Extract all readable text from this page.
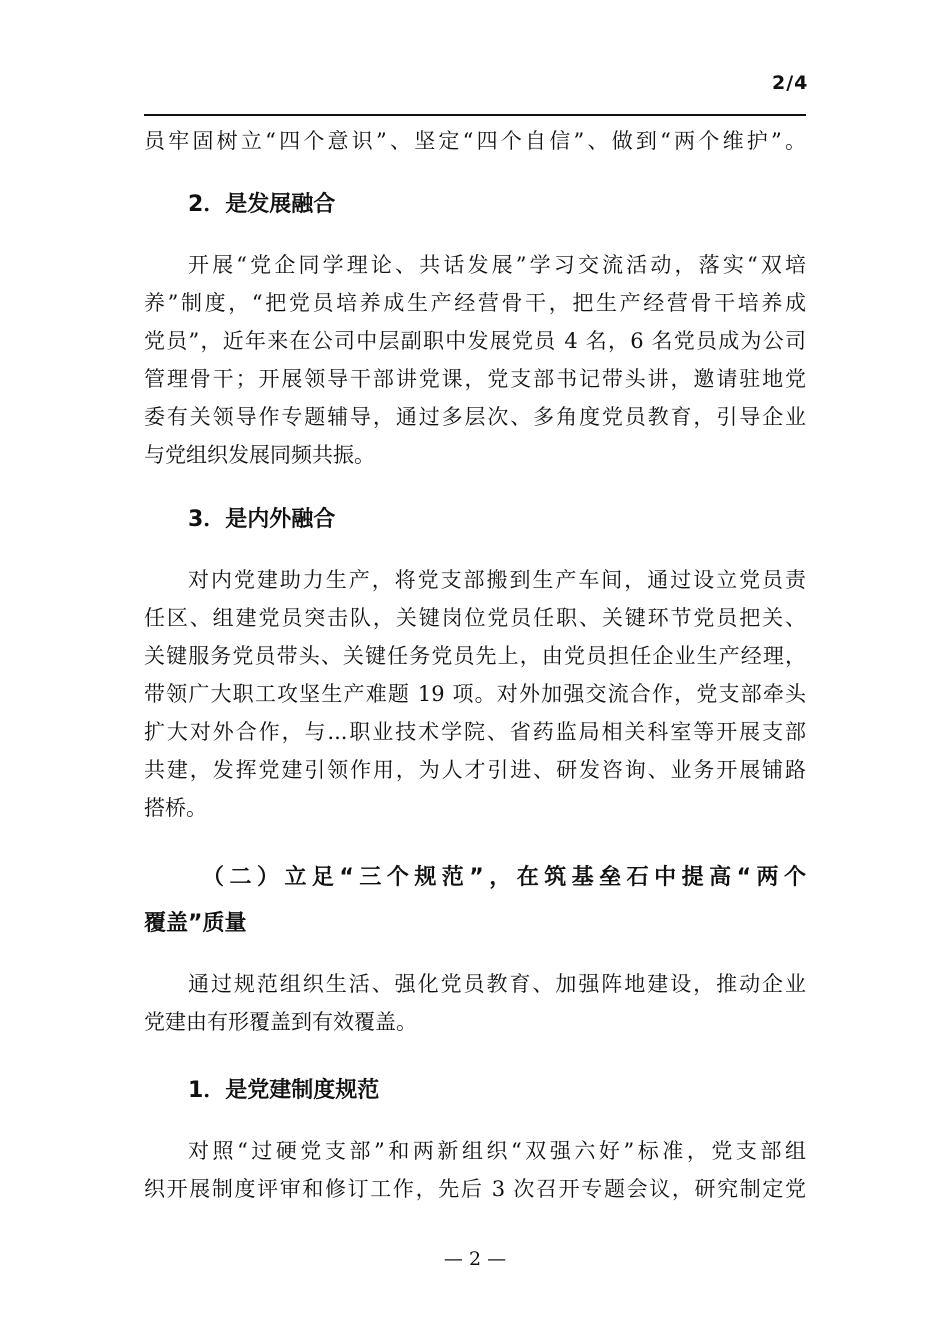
2/4
员牢固树立“四个意识”、坚定“四个自信”、做到“两个维护”。
2．是发展融合
开展“党企同学理论、共话发展”学习交流活动，落实“双培
养”制度，“把党员培养成生产经营骨干，把生产经营骨干培养成
党员”，近年来在公司中层副职中发展党员 4 名，6 名党员成为公司
管理骨干；开展领导干部讲党课，党支部书记带头讲，邀请驻地党
委有关领导作专题辅导，通过多层次、多角度党员教育，引导企业
与党组织发展同频共振。
3．是内外融合
对内党建助力生产，将党支部搬到生产车间，通过设立党员责
任区、组建党员突击队，关键岗位党员任职、关键环节党员把关、
关键服务党员带头、关键任务党员先上，由党员担任企业生产经理，
带领广大职工攻坚生产难题 19 项。对外加强交流合作，党支部牵头
扩大对外合作，与...职业技术学院、省药监局相关科室等开展支部
共建，发挥党建引领作用，为人才引进、研发咨询、业务开展铺路
搭桥。
（二）立足“三个规范”，在筑基垒石中提高“两个
覆盖”质量
通过规范组织生活、强化党员教育、加强阵地建设，推动企业
党建由有形覆盖到有效覆盖。
1．是党建制度规范
对照“过硬党支部”和两新组织“双强六好”标准，党支部组
织开展制度评审和修订工作，先后 3 次召开专题会议，研究制定党
— 2 —
